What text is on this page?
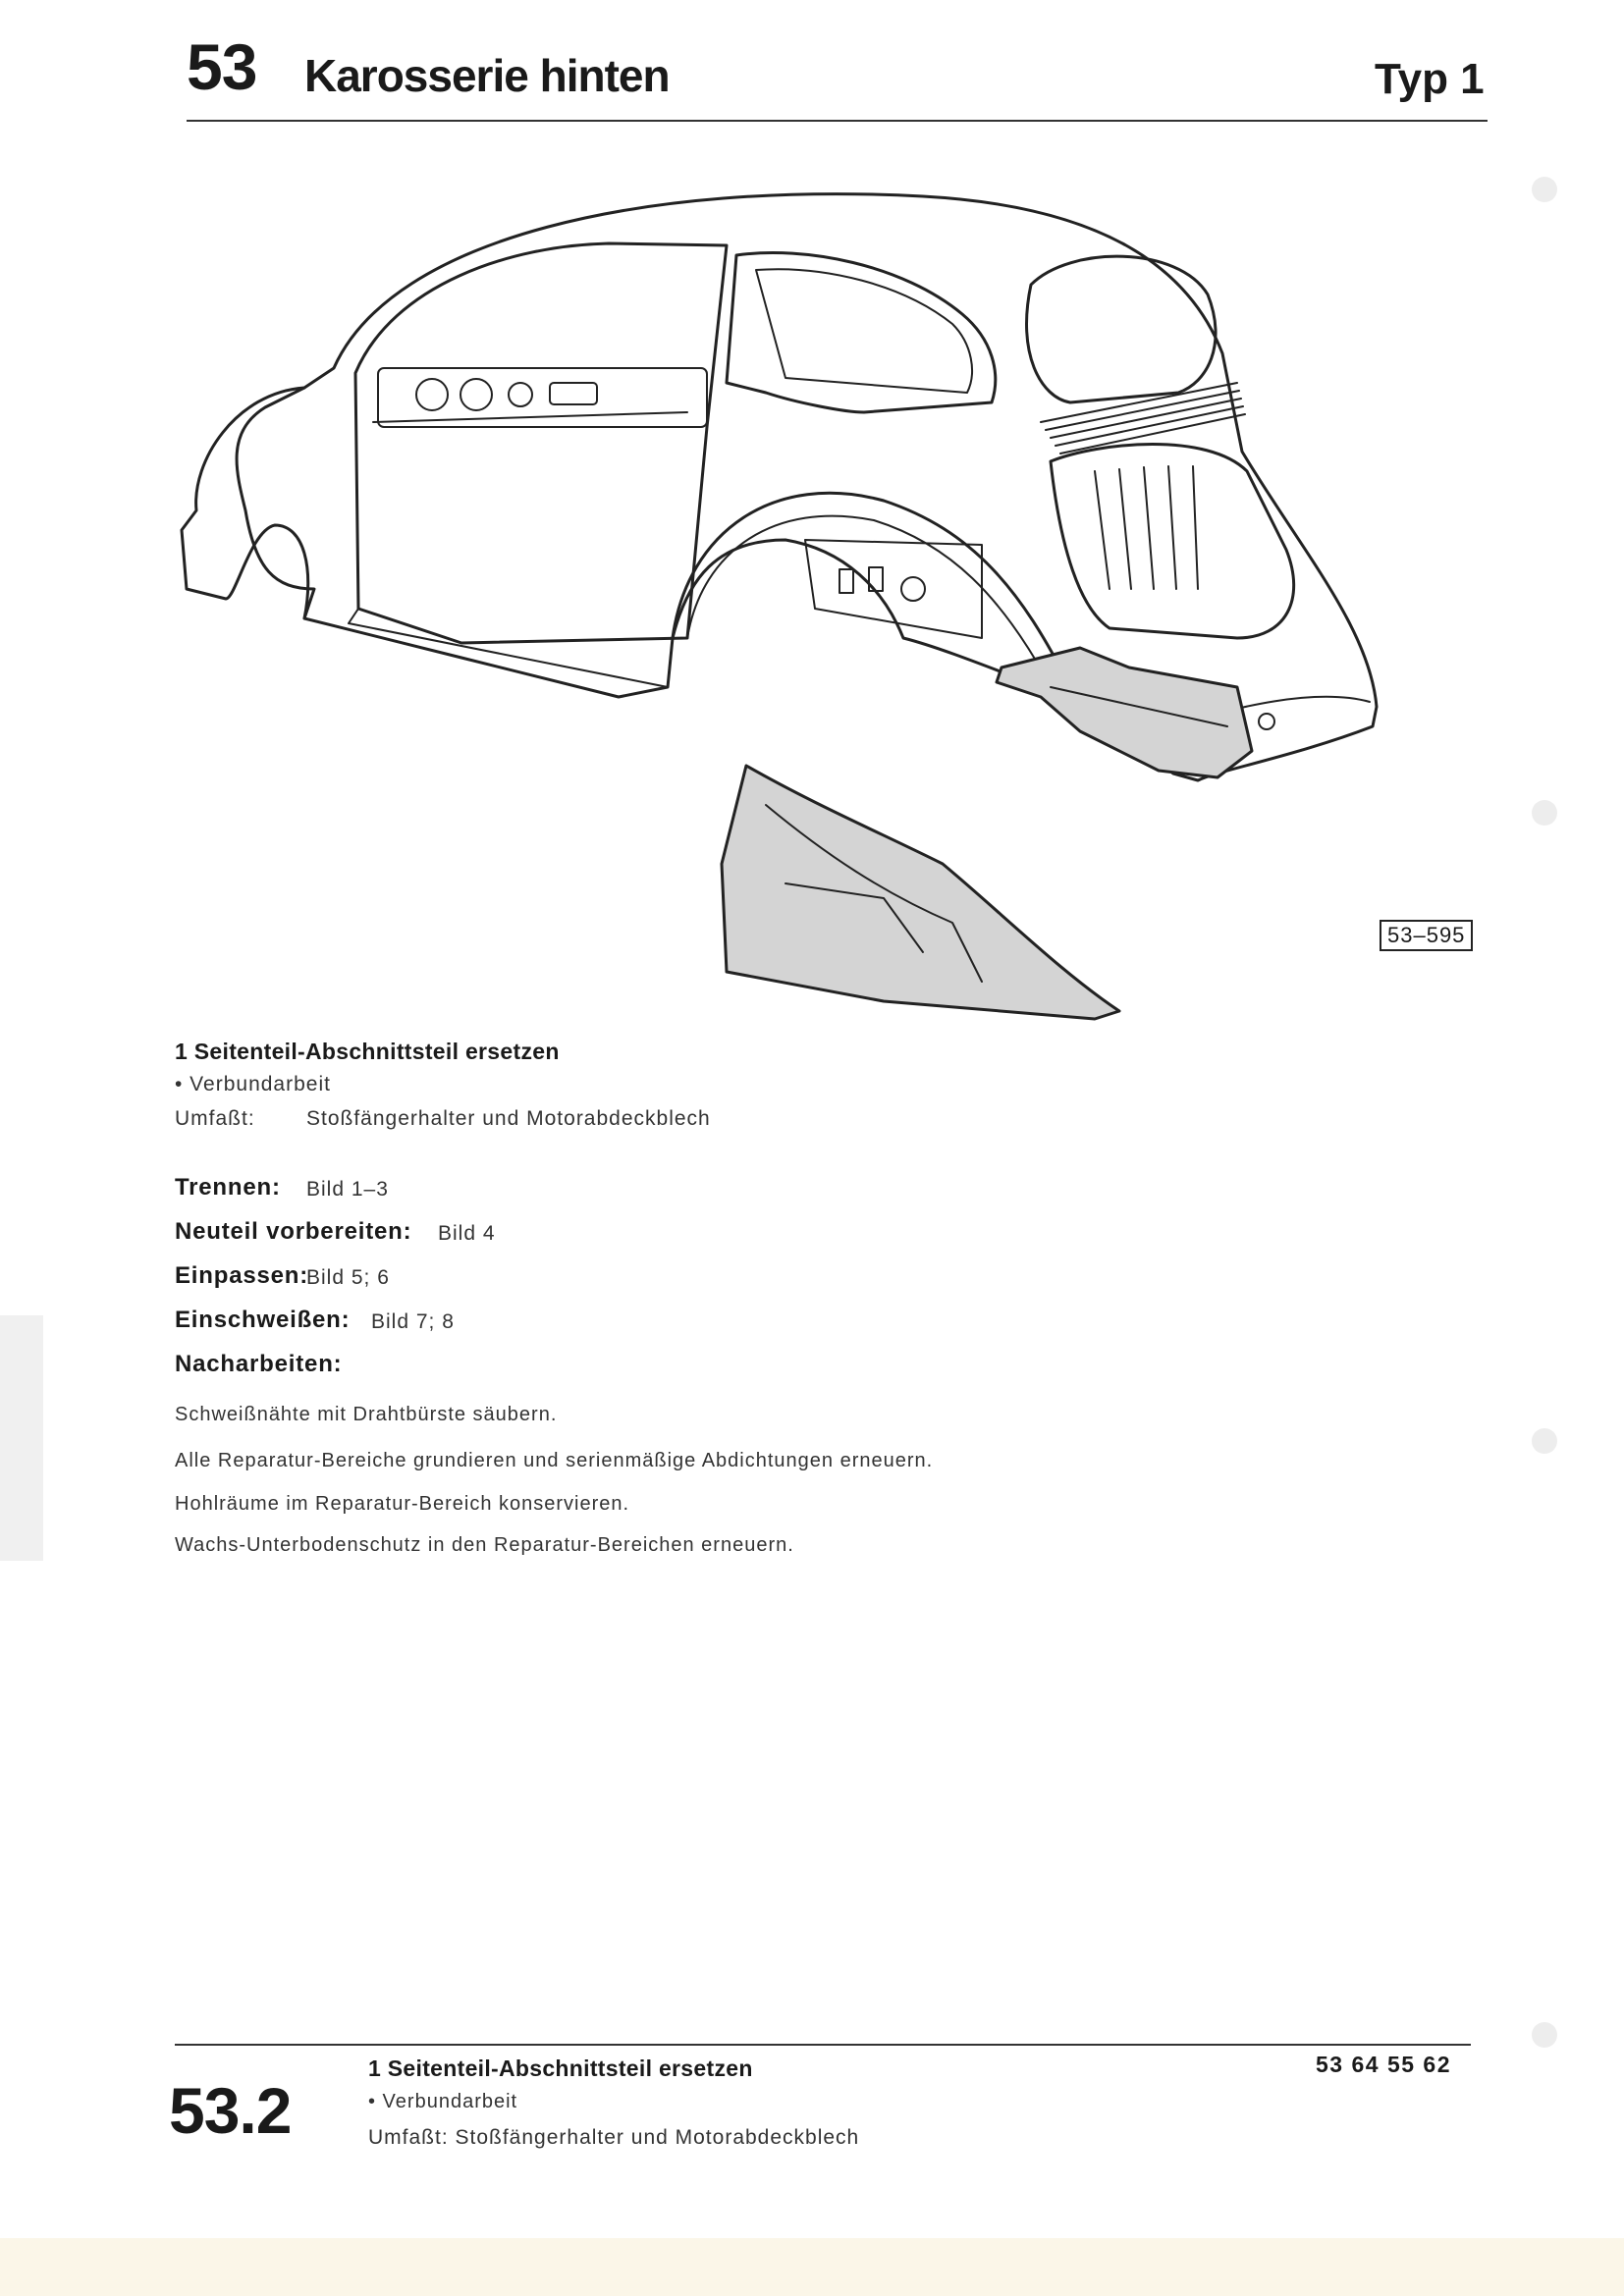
53 Karosserie hinten	Typ 1
53–595
1 Seitenteil-Abschnittsteil ersetzen
• Verbundarbeit
Umfaßt: Stoßfängerhalter und Motorabdeckblech
Trennen: Bild 1–3
Neuteil vorbereiten: Bild 4
Einpassen:
Bild 5; 6
Einschweißen: Bild 7; 8
Nacharbeiten:
Schweißnähte mit Drahtbürste säubern.
Alle Reparatur-Bereiche grundieren und serienmäßige Abdichtungen erneuern.
Hohlräume im Reparatur-Bereich konservieren.
Wachs-Unterbodenschutz in den Reparatur-Bereichen erneuern.
53.2
1 Seitenteil-Abschnittsteil ersetzen
• Verbundarbeit
Umfaßt: Stoßfängerhalter und Motorabdeckblech
53 64 55 62
